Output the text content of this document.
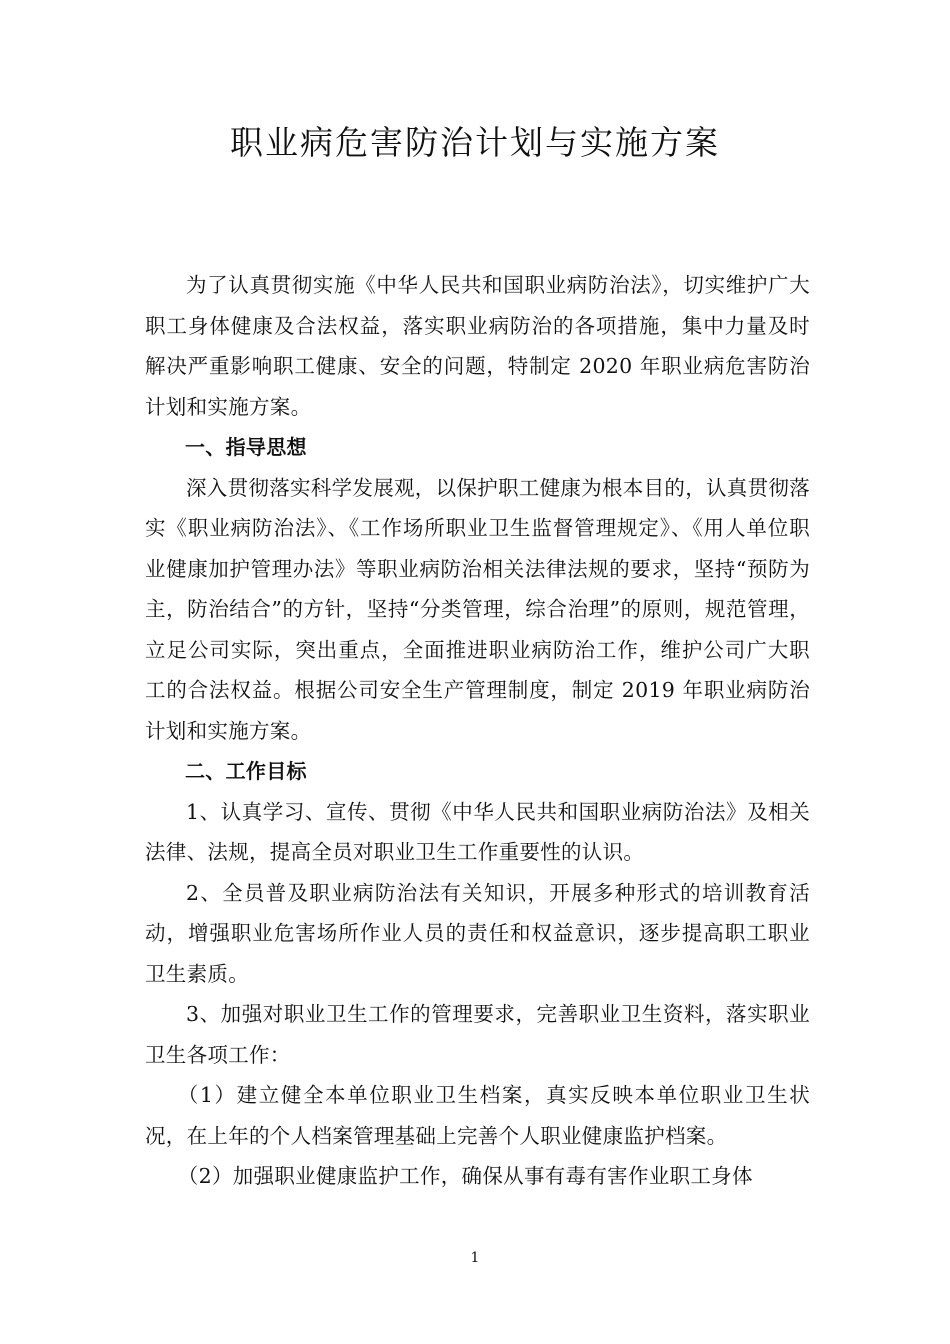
职业病危害防治计划与实施方案

为了认真贯彻实施《中华人民共和国职业病防治法》，切实维护广大职工身体健康及合法权益，落实职业病防治的各项措施，集中力量及时解决严重影响职工健康、安全的问题，特制定 2020 年职业病危害防治计划和实施方案。

一、指导思想

深入贯彻落实科学发展观，以保护职工健康为根本目的，认真贯彻落实《职业病防治法》、《工作场所职业卫生监督管理规定》、《用人单位职业健康加护管理办法》等职业病防治相关法律法规的要求，坚持“预防为主，防治结合”的方针，坚持“分类管理，综合治理”的原则，规范管理，立足公司实际，突出重点，全面推进职业病防治工作，维护公司广大职工的合法权益。根据公司安全生产管理制度，制定 2019 年职业病防治计划和实施方案。

二、工作目标

1、认真学习、宣传、贯彻《中华人民共和国职业病防治法》及相关法律、法规，提高全员对职业卫生工作重要性的认识。

2、全员普及职业病防治法有关知识，开展多种形式的培训教育活动，增强职业危害场所作业人员的责任和权益意识，逐步提高职工职业卫生素质。

3、加强对职业卫生工作的管理要求，完善职业卫生资料，落实职业卫生各项工作：

（1）建立健全本单位职业卫生档案，真实反映本单位职业卫生状况，在上年的个人档案管理基础上完善个人职业健康监护档案。

（2）加强职业健康监护工作，确保从事有毒有害作业职工身体

1
